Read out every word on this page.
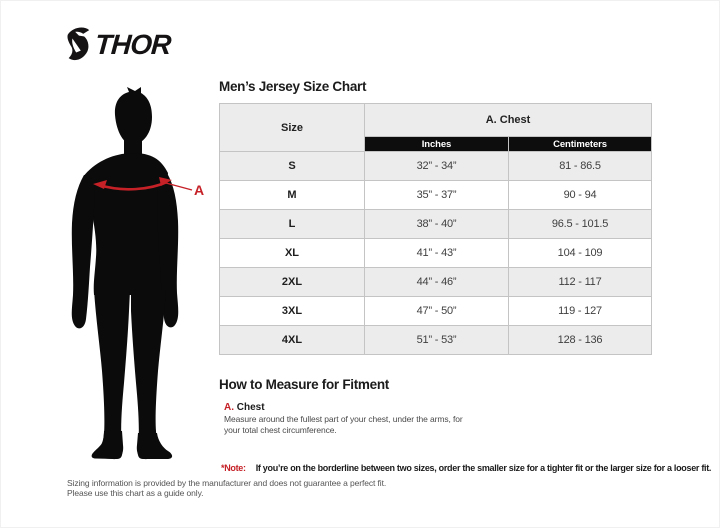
THOR
A
Men’s Jersey Size Chart
Size	A. Chest	
	Inches	Centimeters
S	32” - 34”	81 - 86.5
M	35” - 37”	90 - 94
L	38” - 40”	96.5 - 101.5
XL	41” - 43”	104 - 109
2XL	44” - 46”	112 - 117
3XL	47” - 50”	119 - 127
4XL	51” - 53”	128 - 136
How to Measure for Fitment
A. Chest
Measure around the fullest part of your chest, under the arms, for your total chest circumference.
*Note: If you’re on the borderline between two sizes, order the smaller size for a tighter fit or the larger size for a looser fit.
Sizing information is provided by the manufacturer and does not guarantee a perfect fit.
Please use this chart as a guide only.
